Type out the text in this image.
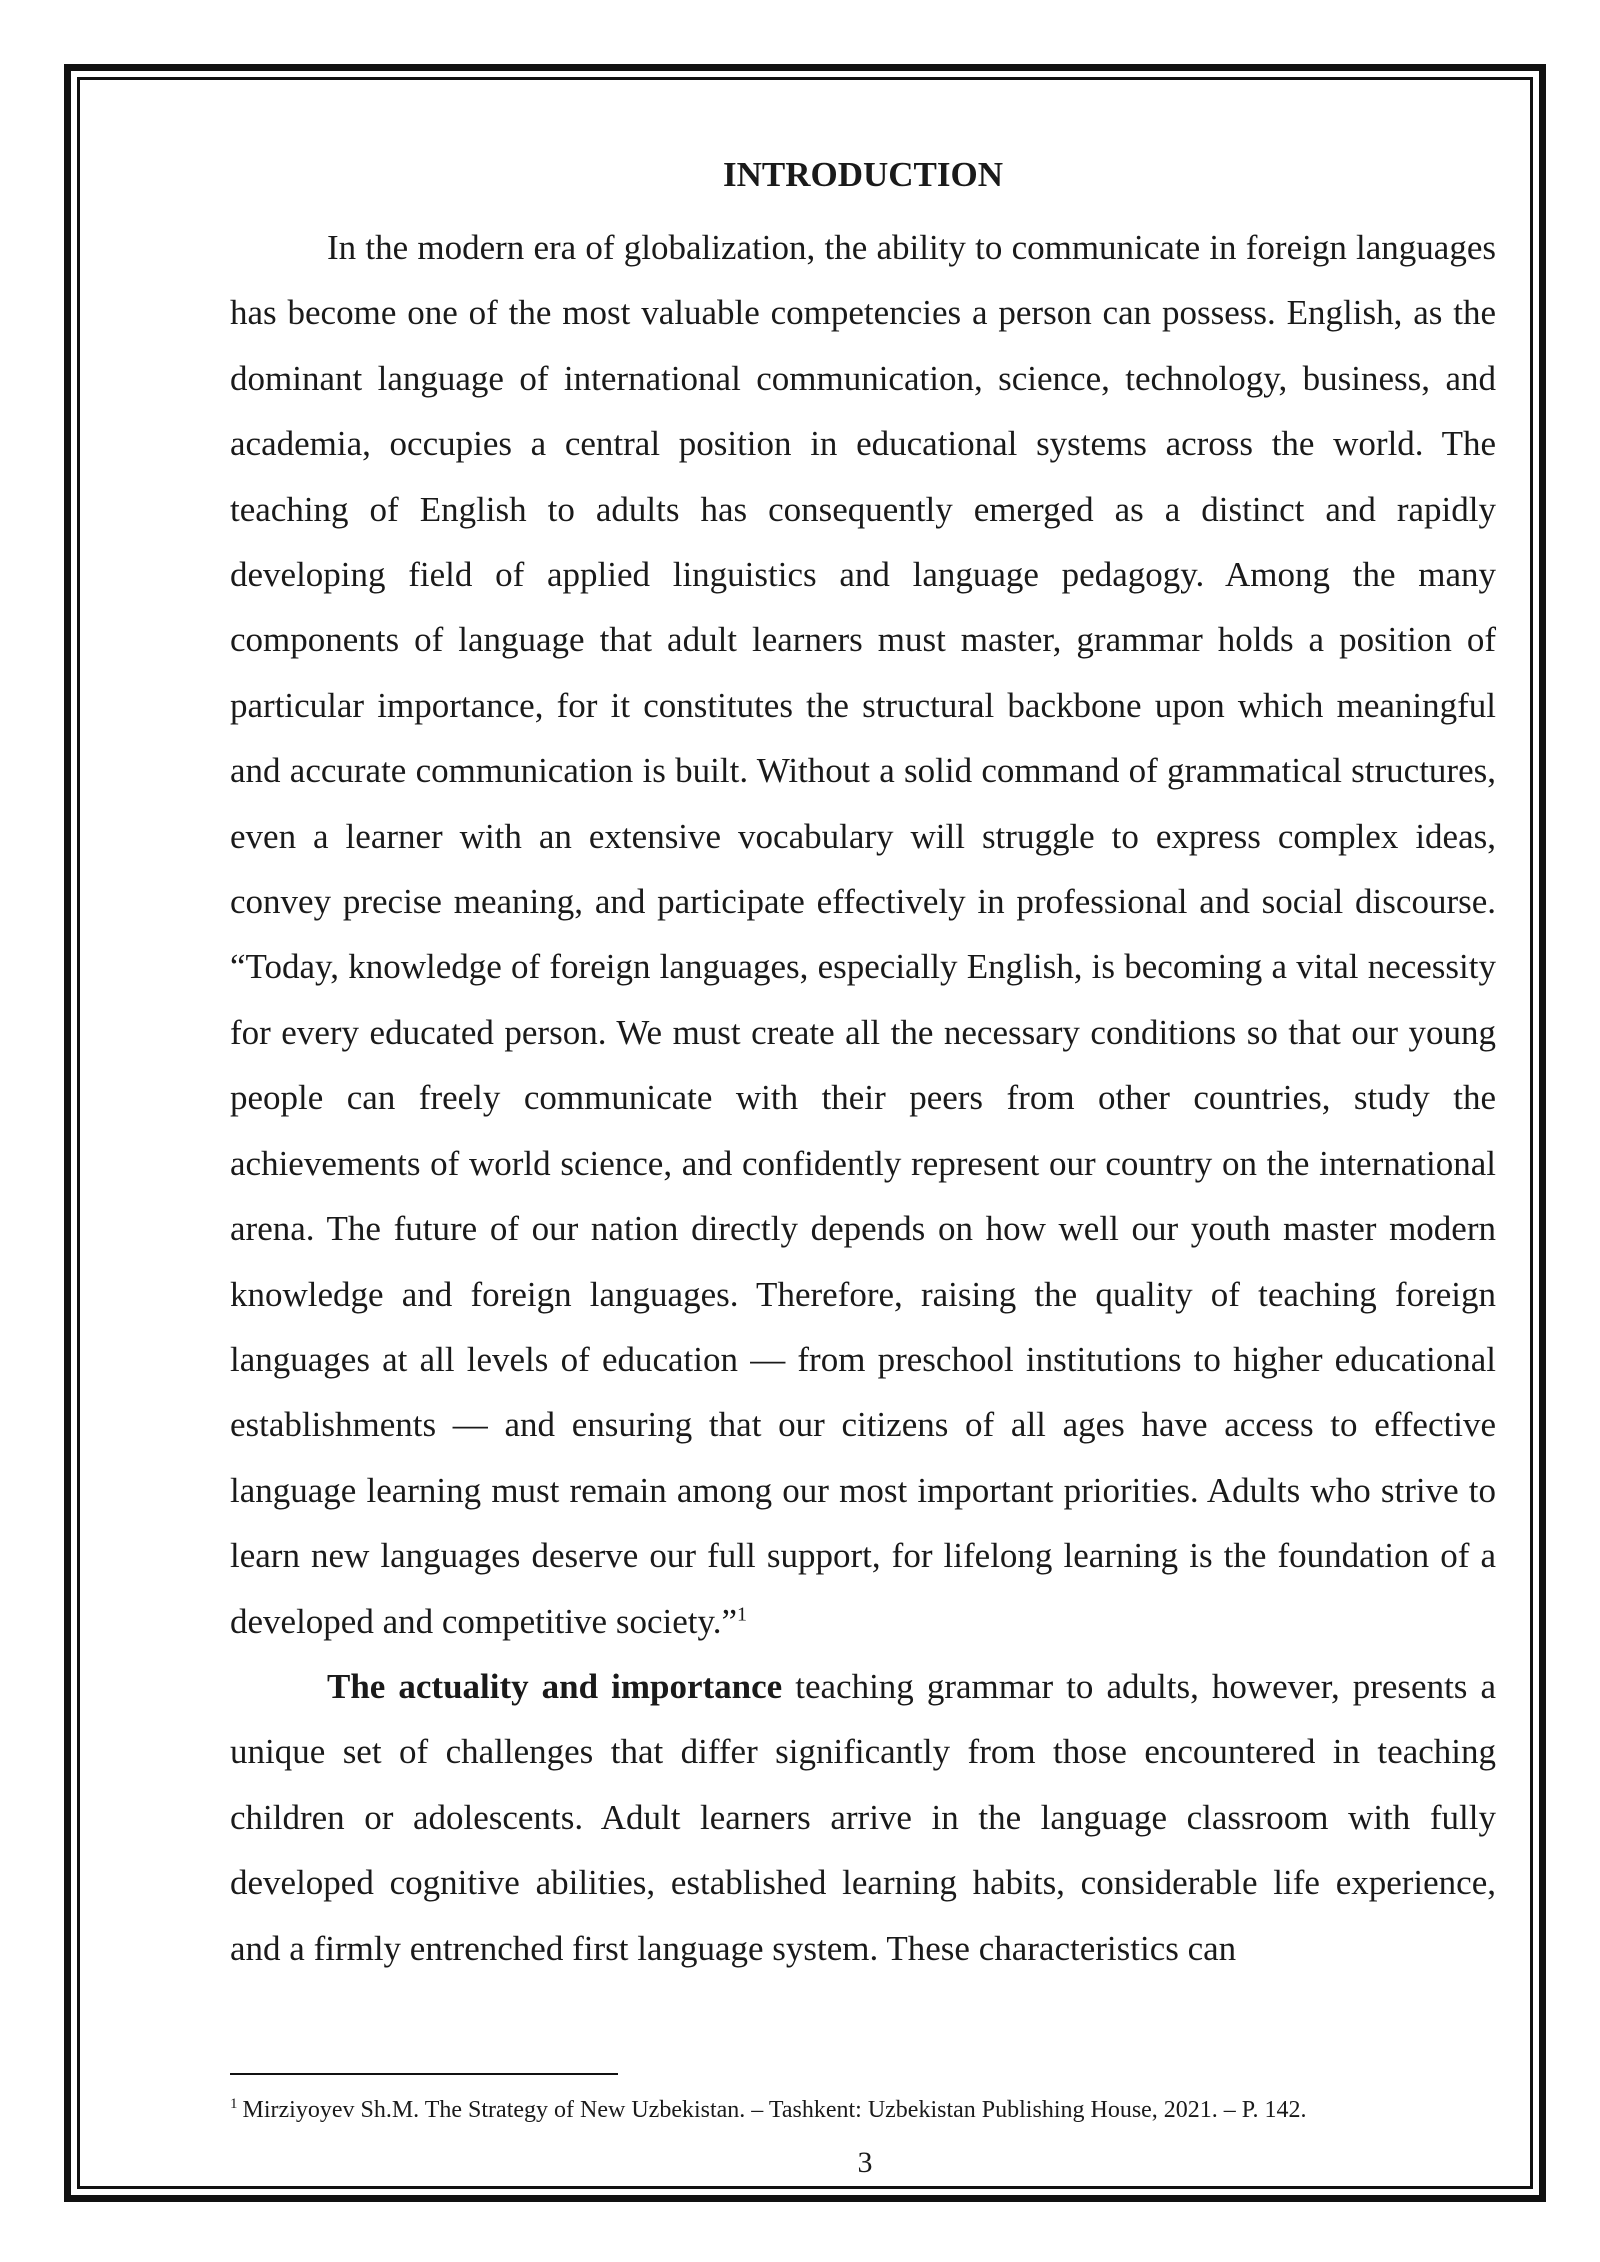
INTRODUCTION

In the modern era of globalization, the ability to communicate in foreign languages has become one of the most valuable competencies a person can possess. English, as the dominant language of international communication, science, technology, business, and academia, occupies a central position in educational systems across the world. The teaching of English to adults has consequently emerged as a distinct and rapidly developing field of applied linguistics and language pedagogy. Among the many components of language that adult learners must master, grammar holds a position of particular importance, for it constitutes the structural backbone upon which meaningful and accurate communication is built. Without a solid command of grammatical structures, even a learner with an extensive vocabulary will struggle to express complex ideas, convey precise meaning, and participate effectively in professional and social discourse. “Today, knowledge of foreign languages, especially English, is becoming a vital necessity for every educated person. We must create all the necessary conditions so that our young people can freely communicate with their peers from other countries, study the achievements of world science, and confidently represent our country on the international arena. The future of our nation directly depends on how well our youth master modern knowledge and foreign languages. Therefore, raising the quality of teaching foreign languages at all levels of education — from preschool institutions to higher educational establishments — and ensuring that our citizens of all ages have access to effective language learning must remain among our most important priorities. Adults who strive to learn new languages deserve our full support, for lifelong learning is the foundation of a developed and competitive society.”$^1$

The actuality and importance teaching grammar to adults, however, presents a unique set of challenges that differ significantly from those encountered in teaching children or adolescents. Adult learners arrive in the language classroom with fully developed cognitive abilities, established learning habits, considerable life experience, and a firmly entrenched first language system. These characteristics can

$^1$ Mirziyoyev Sh.M. The Strategy of New Uzbekistan. – Tashkent: Uzbekistan Publishing House, 2021. – P. 142.
3
